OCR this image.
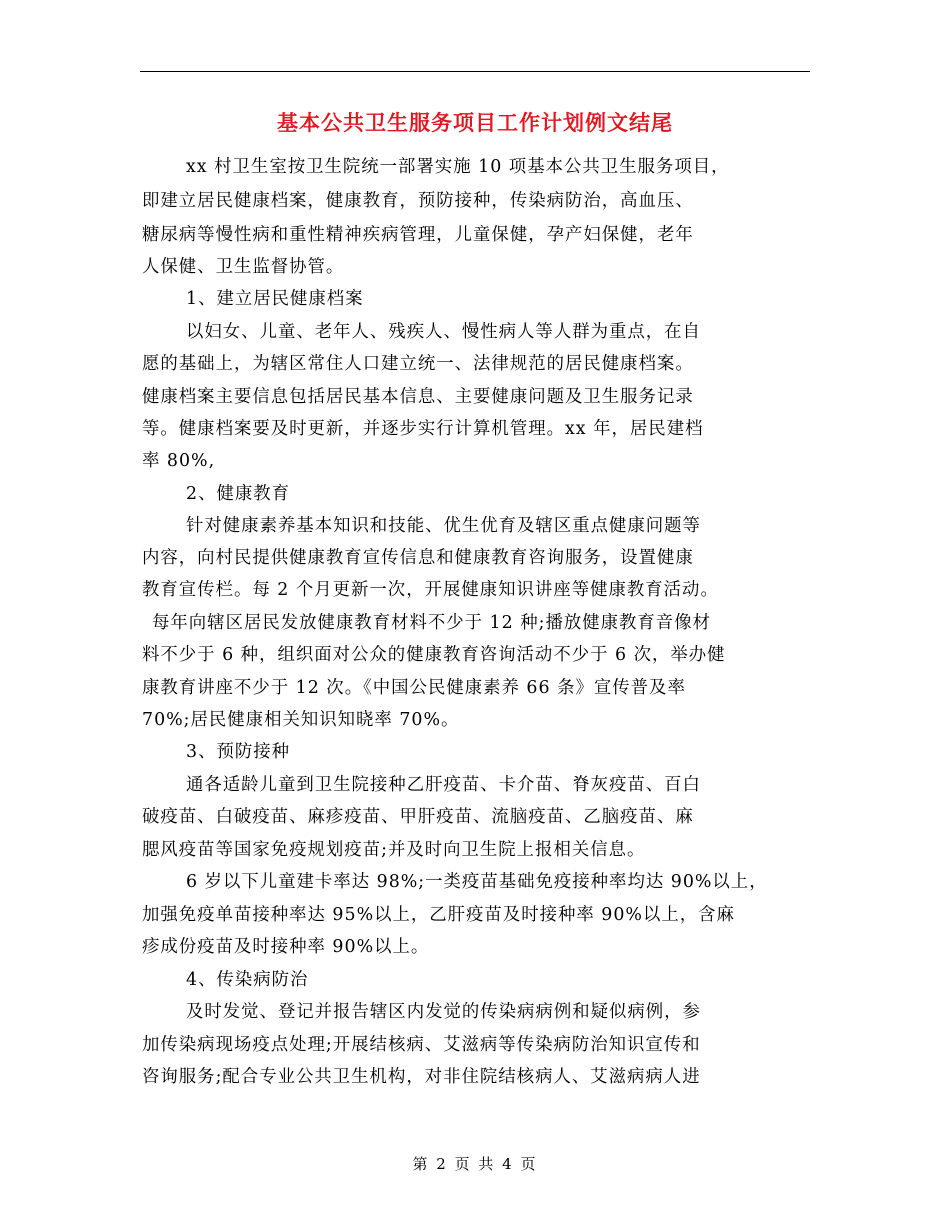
基本公共卫生服务项目工作计划例文结尾
xx 村卫生室按卫生院统一部署实施 10 项基本公共卫生服务项目，
即建立居民健康档案，健康教育，预防接种，传染病防治，高血压、
糖尿病等慢性病和重性精神疾病管理，儿童保健，孕产妇保健，老年
人保健、卫生监督协管。
1、建立居民健康档案
以妇女、儿童、老年人、残疾人、慢性病人等人群为重点，在自
愿的基础上，为辖区常住人口建立统一、法律规范的居民健康档案。
健康档案主要信息包括居民基本信息、主要健康问题及卫生服务记录
等。健康档案要及时更新，并逐步实行计算机管理。xx 年，居民建档
率 80%,
2、健康教育
针对健康素养基本知识和技能、优生优育及辖区重点健康问题等
内容，向村民提供健康教育宣传信息和健康教育咨询服务，设置健康
教育宣传栏。每 2 个月更新一次，开展健康知识讲座等健康教育活动。
每年向辖区居民发放健康教育材料不少于 12 种;播放健康教育音像材
料不少于 6 种，组织面对公众的健康教育咨询活动不少于 6 次，举办健
康教育讲座不少于 12 次。《中国公民健康素养 66 条》宣传普及率
70%;居民健康相关知识知晓率 70%。
3、预防接种
通各适龄儿童到卫生院接种乙肝疫苗、卡介苗、脊灰疫苗、百白
破疫苗、白破疫苗、麻疹疫苗、甲肝疫苗、流脑疫苗、乙脑疫苗、麻
腮风疫苗等国家免疫规划疫苗;并及时向卫生院上报相关信息。
6 岁以下儿童建卡率达 98%;一类疫苗基础免疫接种率均达 90%以上，
加强免疫单苗接种率达 95%以上，乙肝疫苗及时接种率 90%以上，含麻
疹成份疫苗及时接种率 90%以上。
4、传染病防治
及时发觉、登记并报告辖区内发觉的传染病病例和疑似病例，参
加传染病现场疫点处理;开展结核病、艾滋病等传染病防治知识宣传和
咨询服务;配合专业公共卫生机构，对非住院结核病人、艾滋病病人进
第 2 页 共 4 页
